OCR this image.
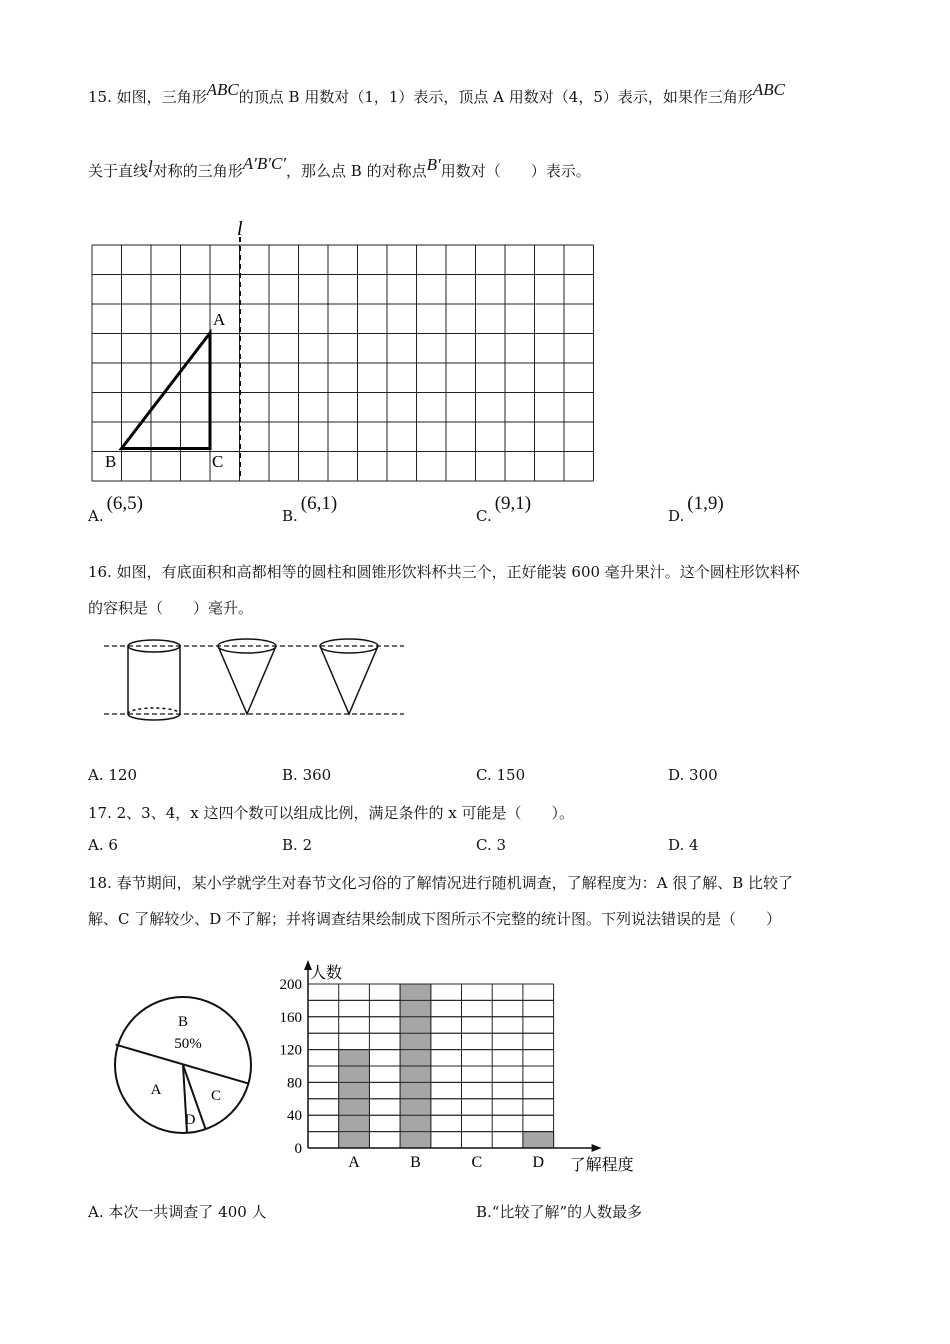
15. 如图，三角形ABC的顶点 B 用数对（1，1）表示，顶点 A 用数对（4，5）表示，如果作三角形ABC
关于直线l对称的三角形A′B′C′，那么点 B 的对称点B′用数对（　　）表示。
l
A
B	C
A.(6,5)
B.(6,1)
C.(9,1)
D.(1,9)
16. 如图，有底面积和高都相等的圆柱和圆锥形饮料杯共三个，正好能装 600 毫升果汁。这个圆柱形饮料杯
的容积是（　　）毫升。
A. 120	B. 360	C. 150	D. 300
17. 2、3、4，x 这四个数可以组成比例，满足条件的 x 可能是（　　）。
A. 6	B. 2	C. 3	D. 4
18. 春节期间，某小学就学生对春节文化习俗的了解情况进行随机调查，了解程度为：A 很了解、B 比较了
解、C 了解较少、D 不了解；并将调查结果绘制成下图所示不完整的统计图。下列说法错误的是（　　）
B
50%
A	C
D
A	B	C	D
0
40
80
120
160
200
人数
了解程度
A. 本次一共调查了 400 人	B.“比较了解”的人数最多
